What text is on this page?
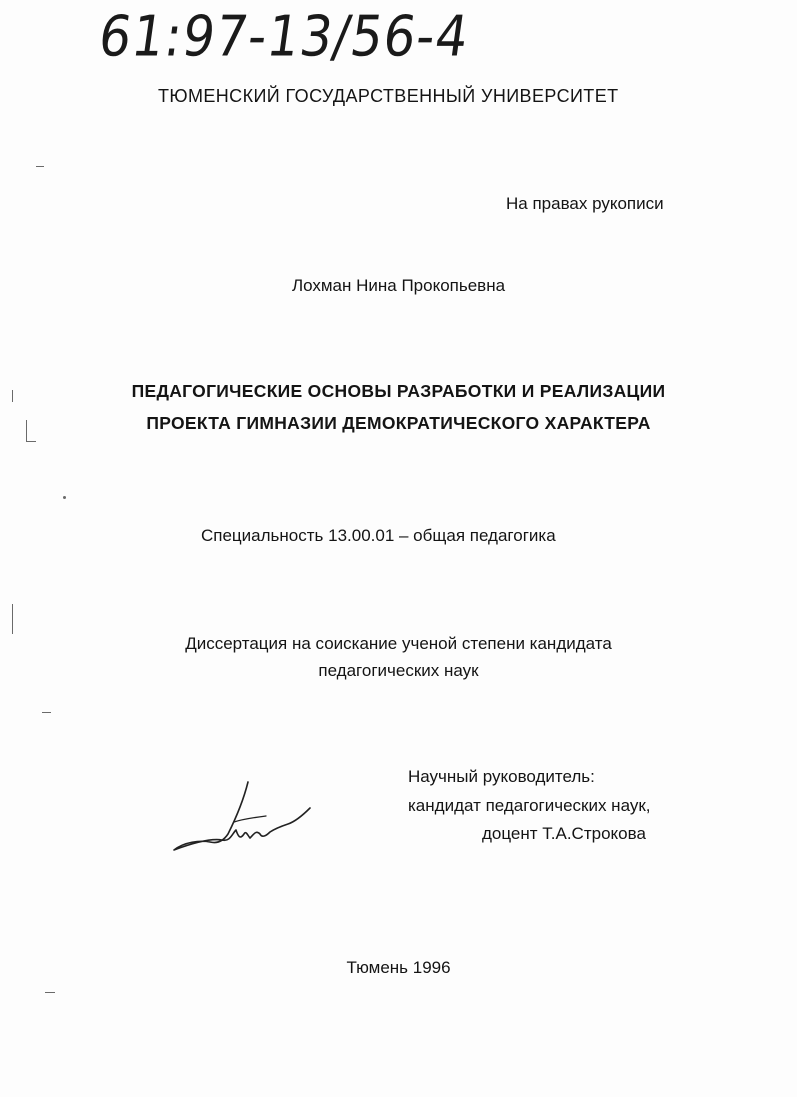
61:97-13/56-4
ТЮМЕНСКИЙ ГОСУДАРСТВЕННЫЙ УНИВЕРСИТЕТ
На правах рукописи
Лохман Нина Прокопьевна
ПЕДАГОГИЧЕСКИЕ ОСНОВЫ РАЗРАБОТКИ И РЕАЛИЗАЦИИ
ПРОЕКТА ГИМНАЗИИ ДЕМОКРАТИЧЕСКОГО ХАРАКТЕРА
Специальность 13.00.01 – общая педагогика
Диссертация на соискание ученой степени кандидата
педагогических наук
Научный руководитель:
кандидат педагогических наук,
доцент Т.А.Строкова
Тюмень 1996
